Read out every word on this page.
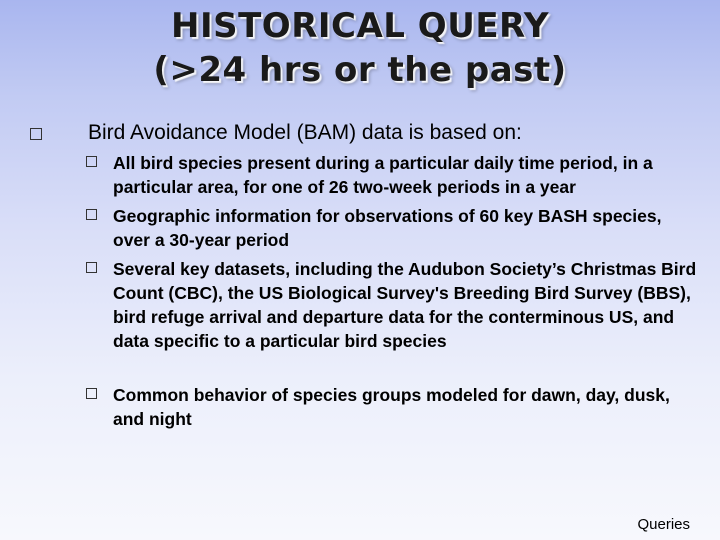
HISTORICAL QUERY
(>24 hrs or the past)
Bird Avoidance Model (BAM) data is based on:
All bird species present during a particular daily time period, in a particular area, for one of 26 two-week periods in a year
Geographic information for observations of 60 key BASH species, over a 30-year period
Several key datasets, including the Audubon Society’s Christmas Bird Count (CBC), the US Biological Survey's Breeding Bird Survey (BBS), bird refuge arrival and departure data for the conterminous US, and data specific to a particular bird species
Common behavior of species groups modeled for dawn, day, dusk, and night
Queries
